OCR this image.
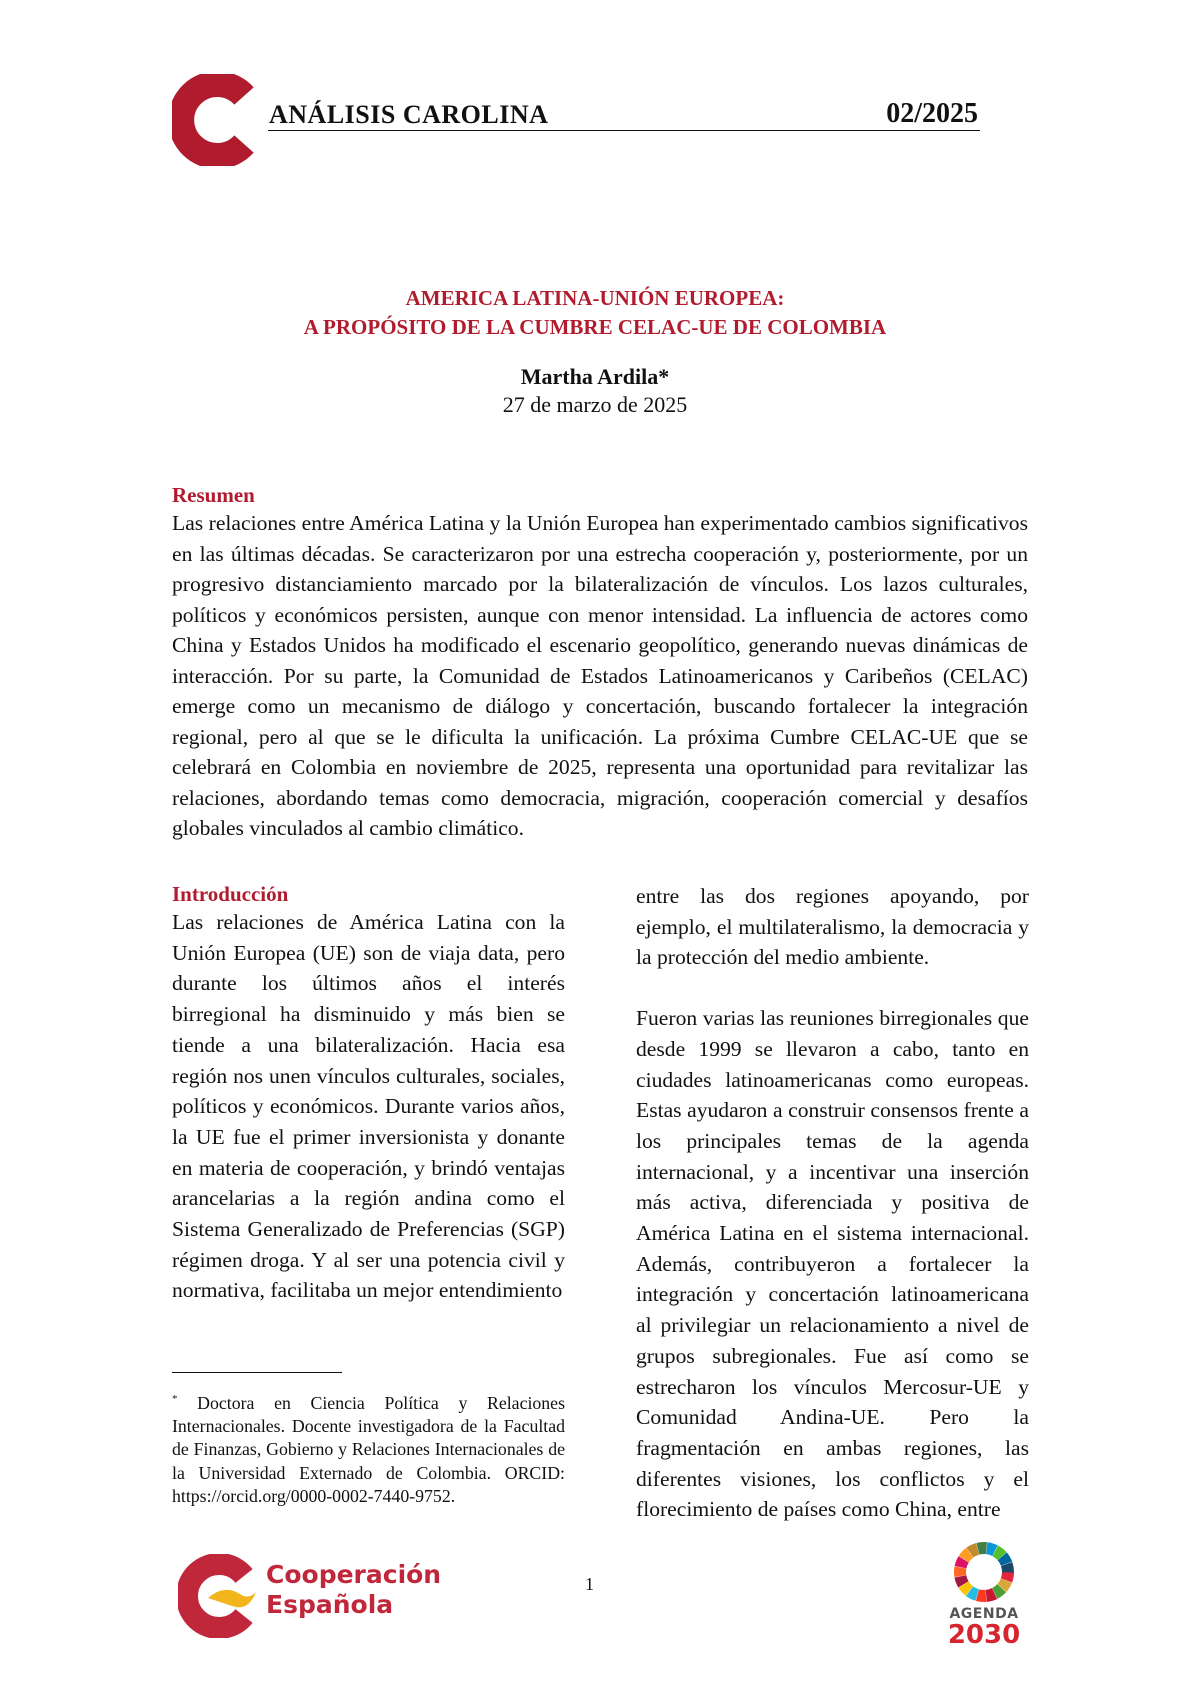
ANÁLISIS CAROLINA	02/2025
AMERICA LATINA-UNIÓN EUROPEA:
A PROPÓSITO DE LA CUMBRE CELAC-UE DE COLOMBIA
Martha Ardila*
27 de marzo de 2025
Resumen

Las relaciones entre América Latina y la Unión Europea han experimentado cambios significativos en las últimas décadas. Se caracterizaron por una estrecha cooperación y, posteriormente, por un progresivo distanciamiento marcado por la bilateralización de vínculos. Los lazos culturales, políticos y económicos persisten, aunque con menor intensidad. La influencia de actores como China y Estados Unidos ha modificado el escenario geopolítico, generando nuevas dinámicas de interacción. Por su parte, la Comunidad de Estados Latinoamericanos y Caribeños (CELAC) emerge como un mecanismo de diálogo y concertación, buscando fortalecer la integración regional, pero al que se le dificulta la unificación. La próxima Cumbre CELAC-UE que se celebrará en Colombia en noviembre de 2025, representa una oportunidad para revitalizar las relaciones, abordando temas como democracia, migración, cooperación comercial y desafíos globales vinculados al cambio climático.

Introducción

Las relaciones de América Latina con la Unión Europea (UE) son de viaja data, pero durante los últimos años el interés birregional ha disminuido y más bien se tiende a una bilateralización. Hacia esa región nos unen vínculos culturales, sociales, políticos y económicos. Durante varios años, la UE fue el primer inversionista y donante en materia de cooperación, y brindó ventajas arancelarias a la región andina como el Sistema Generalizado de Preferencias (SGP) régimen droga. Y al ser una potencia civil y normativa, facilitaba un mejor entendimiento

entre las dos regiones apoyando, por ejemplo, el multilateralismo, la democracia y la protección del medio ambiente.

Fueron varias las reuniones birregionales que desde 1999 se llevaron a cabo, tanto en ciudades latinoamericanas como europeas. Estas ayudaron a construir consensos frente a los principales temas de la agenda internacional, y a incentivar una inserción más activa, diferenciada y positiva de América Latina en el sistema internacional. Además, contribuyeron a fortalecer la integración y concertación latinoamericana al privilegiar un relacionamiento a nivel de grupos subregionales. Fue así como se estrecharon los vínculos Mercosur-UE y Comunidad Andina-UE. Pero la fragmentación en ambas regiones, las diferentes visiones, los conflictos y el florecimiento de países como China, entre

* Doctora en Ciencia Política y Relaciones Internacionales. Docente investigadora de la Facultad de Finanzas, Gobierno y Relaciones Internacionales de la Universidad Externado de Colombia. ORCID: https://orcid.org/0000-0002-7440-9752.
1
Cooperación
Española	AGENDA
2030
